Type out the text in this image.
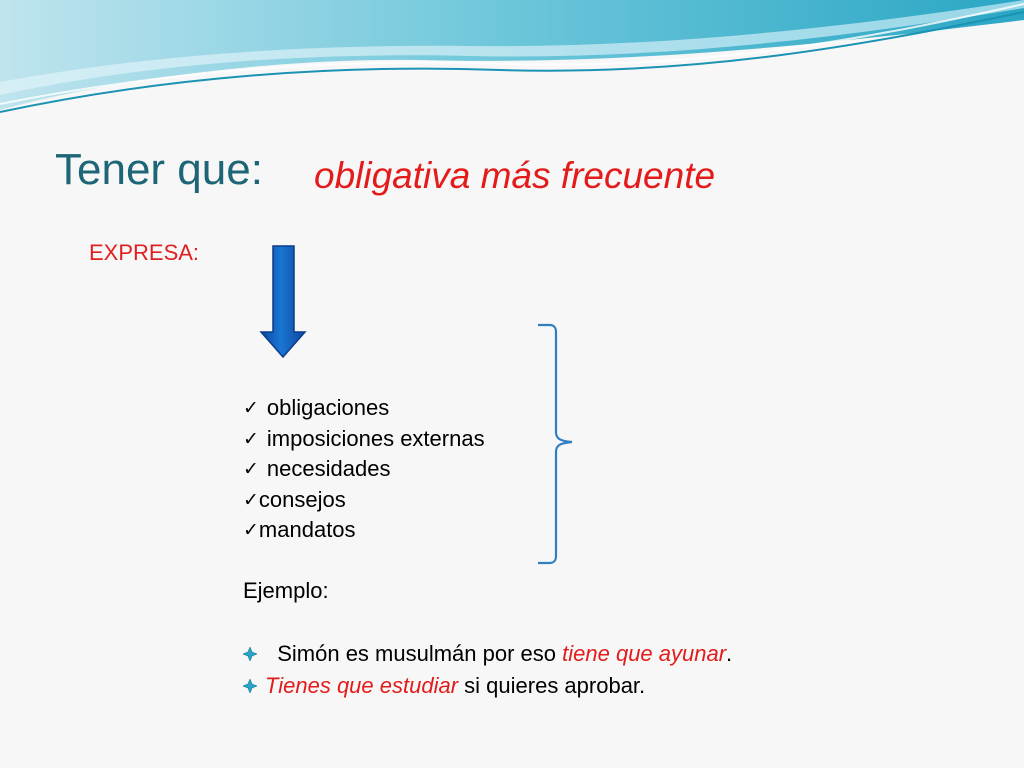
Tener que: obligativa más frecuente
EXPRESA:
✓ obligaciones
✓ imposiciones externas
✓ necesidades
✓ consejos
✓ mandatos
Ejemplo:
Simón es musulmán por eso tiene que ayunar .
Tienes que estudiar si quieres aprobar.
